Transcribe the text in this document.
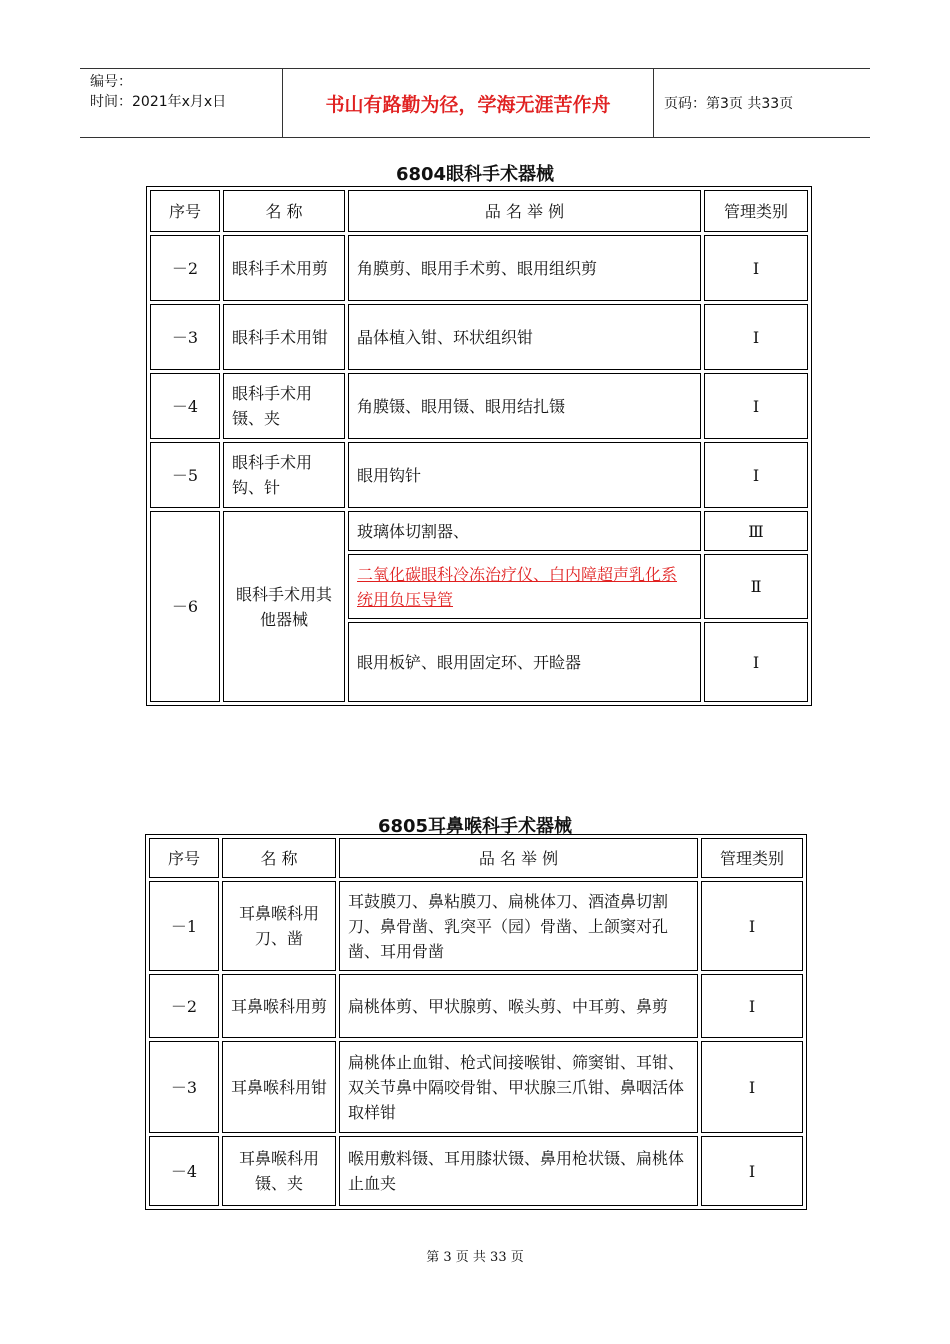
编号：
时间：2021年x月x日	书山有路勤为径，学海无涯苦作舟	页码：第3页 共33页
6804眼科手术器械
序号	名 称	品 名 举 例	管理类别
－2	眼科手术用剪	角膜剪、眼用手术剪、眼用组织剪	Ⅰ
－3	眼科手术用钳	晶体植入钳、环状组织钳	Ⅰ
－4	眼科手术用镊、夹	角膜镊、眼用镊、眼用结扎镊	Ⅰ
－5	眼科手术用钩、针	眼用钩针	Ⅰ
－6	眼科手术用其他器械	玻璃体切割器、	Ⅲ
		二氧化碳眼科冷冻治疗仪、白内障超声乳化系统用负压导管	Ⅱ
		眼用板铲、眼用固定环、开睑器	Ⅰ
6805耳鼻喉科手术器械
序号	名 称	品 名 举 例	管理类别
－1	耳鼻喉科用刀、凿	耳鼓膜刀、鼻粘膜刀、扁桃体刀、酒渣鼻切割刀、鼻骨凿、乳突平（园）骨凿、上颌窦对孔凿、耳用骨凿	Ⅰ
－2	耳鼻喉科用剪	扁桃体剪、甲状腺剪、喉头剪、中耳剪、鼻剪	Ⅰ
－3	耳鼻喉科用钳	扁桃体止血钳、枪式间接喉钳、筛窦钳、耳钳、双关节鼻中隔咬骨钳、甲状腺三爪钳、鼻咽活体取样钳	Ⅰ
－4	耳鼻喉科用镊、夹	喉用敷料镊、耳用膝状镊、鼻用枪状镊、扁桃体止血夹	Ⅰ
第 3 页 共 33 页
